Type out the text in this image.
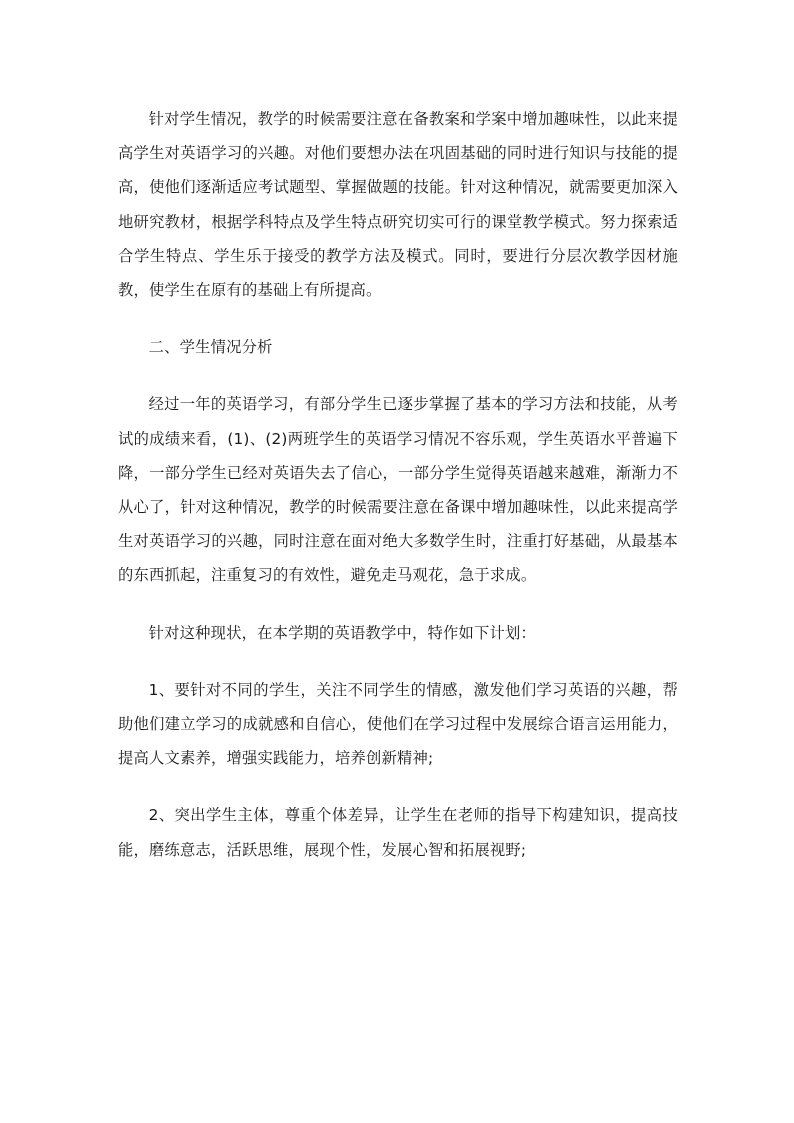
针对学生情况，教学的时候需要注意在备教案和学案中增加趣味性，以此来提高学生对英语学习的兴趣。对他们要想办法在巩固基础的同时进行知识与技能的提高，使他们逐渐适应考试题型、掌握做题的技能。针对这种情况，就需要更加深入地研究教材，根据学科特点及学生特点研究切实可行的课堂教学模式。努力探索适合学生特点、学生乐于接受的教学方法及模式。同时，要进行分层次教学因材施教，使学生在原有的基础上有所提高。

二、学生情况分析

经过一年的英语学习，有部分学生已逐步掌握了基本的学习方法和技能，从考试的成绩来看，(1)、(2)两班学生的英语学习情况不容乐观，学生英语水平普遍下降，一部分学生已经对英语失去了信心，一部分学生觉得英语越来越难，渐渐力不从心了，针对这种情况，教学的时候需要注意在备课中增加趣味性，以此来提高学生对英语学习的兴趣，同时注意在面对绝大多数学生时，注重打好基础，从最基本的东西抓起，注重复习的有效性，避免走马观花，急于求成。

针对这种现状，在本学期的英语教学中，特作如下计划：

1、要针对不同的学生，关注不同学生的情感，激发他们学习英语的兴趣，帮助他们建立学习的成就感和自信心，使他们在学习过程中发展综合语言运用能力，提高人文素养，增强实践能力，培养创新精神;

2、突出学生主体，尊重个体差异，让学生在老师的指导下构建知识，提高技能，磨练意志，活跃思维，展现个性，发展心智和拓展视野;
